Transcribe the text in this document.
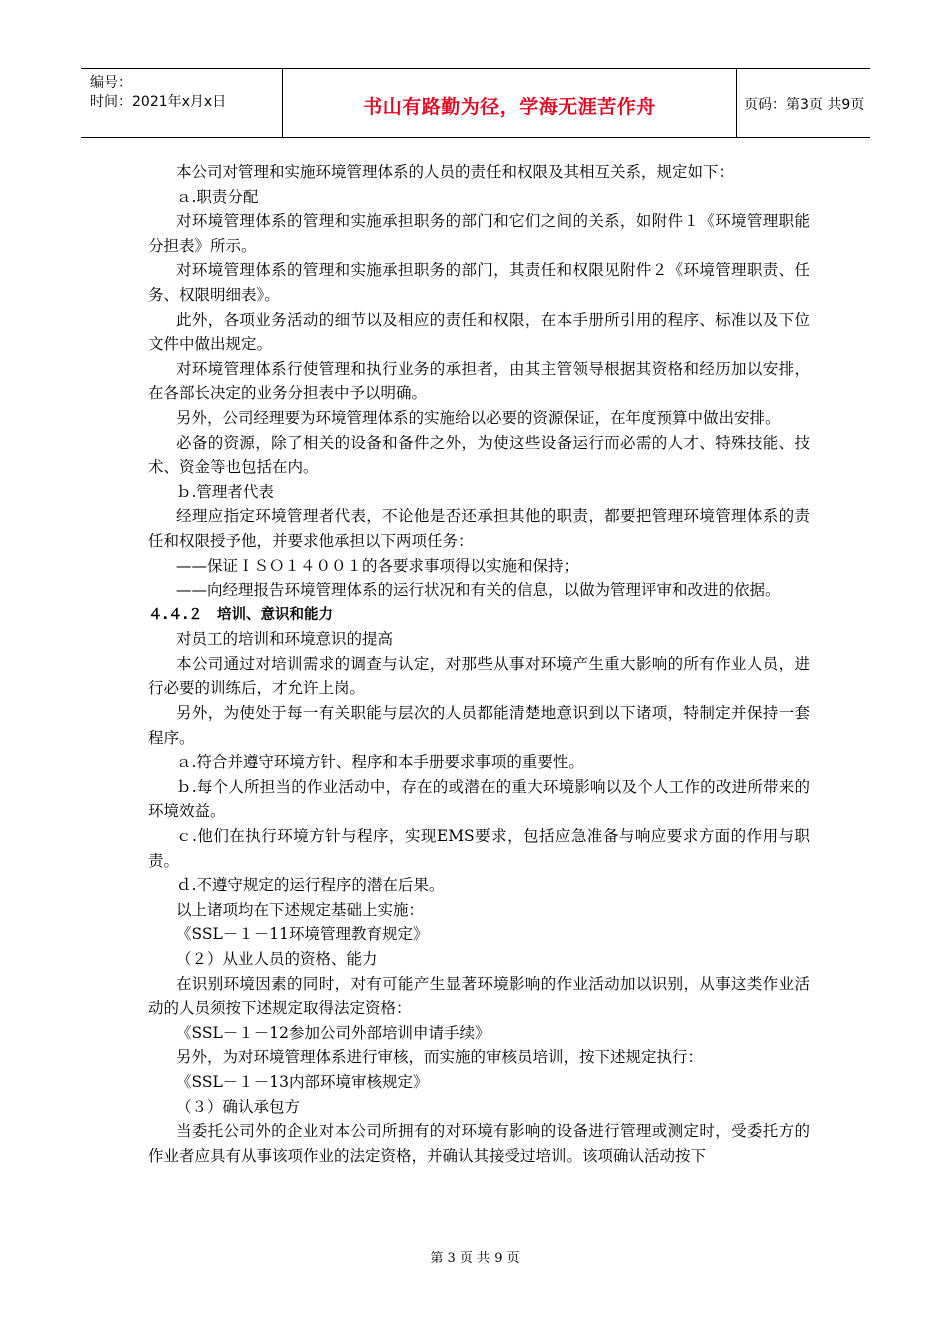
编号：
时间：2021年x月x日	书山有路勤为径，学海无涯苦作舟	页码：第3页 共9页

本公司对管理和实施环境管理体系的人员的责任和权限及其相互关系，规定如下：

ａ.职责分配

对环境管理体系的管理和实施承担职务的部门和它们之间的关系，如附件１《环境管理职能分担表》所示。

对环境管理体系的管理和实施承担职务的部门，其责任和权限见附件２《环境管理职责、任务、权限明细表》。

此外，各项业务活动的细节以及相应的责任和权限，在本手册所引用的程序、标准以及下位文件中做出规定。

对环境管理体系行使管理和执行业务的承担者，由其主管领导根据其资格和经历加以安排，在各部长决定的业务分担表中予以明确。

另外，公司经理要为环境管理体系的实施给以必要的资源保证，在年度预算中做出安排。

必备的资源，除了相关的设备和备件之外，为使这些设备运行而必需的人才、特殊技能、技术、资金等也包括在内。

ｂ.管理者代表

经理应指定环境管理者代表，不论他是否还承担其他的职责，都要把管理环境管理体系的责任和权限授予他，并要求他承担以下两项任务：

——保证ＩＳＯ１４００１的各要求事项得以实施和保持；

——向经理报告环境管理体系的运行状况和有关的信息，以做为管理评审和改进的依据。

４.４.２　培训、意识和能力

对员工的培训和环境意识的提高

本公司通过对培训需求的调查与认定，对那些从事对环境产生重大影响的所有作业人员，进行必要的训练后，才允许上岗。

另外，为使处于每一有关职能与层次的人员都能清楚地意识到以下诸项，特制定并保持一套程序。

ａ.符合并遵守环境方针、程序和本手册要求事项的重要性。

ｂ.每个人所担当的作业活动中，存在的或潜在的重大环境影响以及个人工作的改进所带来的环境效益。

ｃ.他们在执行环境方针与程序，实现EMS要求，包括应急准备与响应要求方面的作用与职责。

ｄ.不遵守规定的运行程序的潜在后果。

以上诸项均在下述规定基础上实施：

《SSL－１－11环境管理教育规定》

（２）从业人员的资格、能力

在识别环境因素的同时，对有可能产生显著环境影响的作业活动加以识别，从事这类作业活动的人员须按下述规定取得法定资格：

《SSL－１－12参加公司外部培训申请手续》

另外，为对环境管理体系进行审核，而实施的审核员培训，按下述规定执行：

《SSL－１－13内部环境审核规定》

（３）确认承包方

当委托公司外的企业对本公司所拥有的对环境有影响的设备进行管理或测定时，受委托方的作业者应具有从事该项作业的法定资格，并确认其接受过培训。该项确认活动按下

第 3 页 共 9 页
